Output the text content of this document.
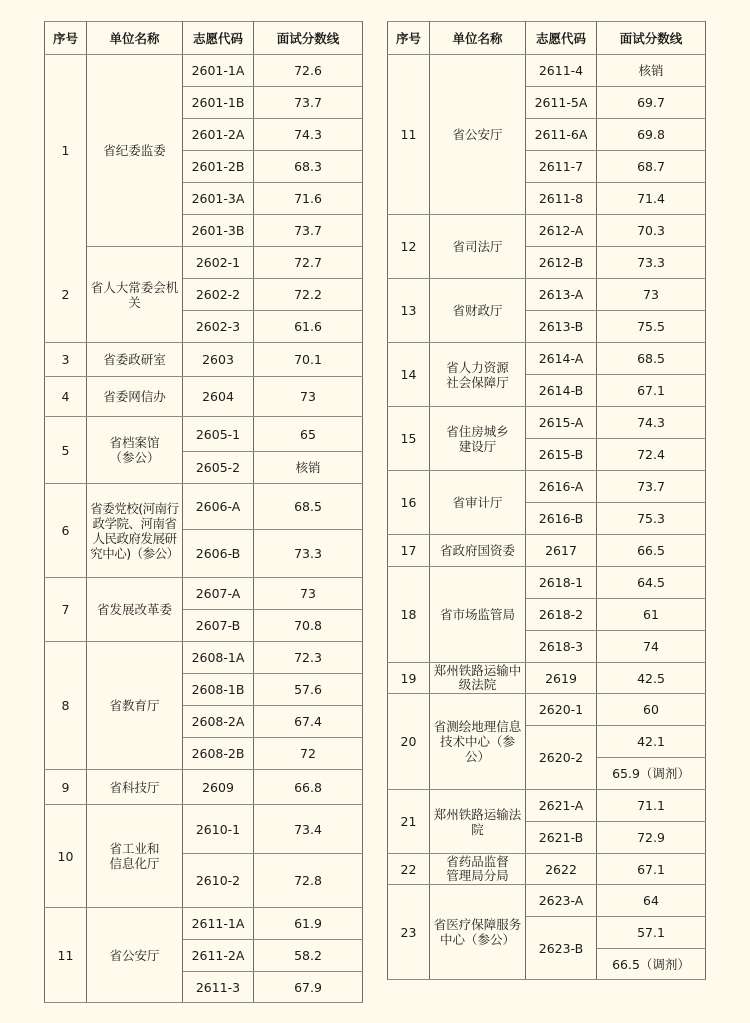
序号	单位名称	志愿代码	面试分数线
1	省纪委监委	2601-1A	72.6
		2601-1B	73.7
		2601-2A	74.3
		2601-2B	68.3
		2601-3A	71.6
		2601-3B	73.7
2	省人大常委会机关	2602-1	72.7
		2602-2	72.2
		2602-3	61.6
3	省委政研室	2603	70.1
4	省委网信办	2604	73
5	省档案馆（参公）	2605-1	65
		2605-2	核销
6	省委党校(河南行政学院、河南省人民政府发展研究中心)（参公）	2606-A	68.5
		2606-B	73.3
7	省发展改革委	2607-A	73
		2607-B	70.8
8	省教育厅	2608-1A	72.3
		2608-1B	57.6
		2608-2A	67.4
		2608-2B	72
9	省科技厅	2609	66.8
10	省工业和信息化厅	2610-1	73.4
		2610-2	72.8
11	省公安厅	2611-1A	61.9
		2611-2A	58.2
		2611-3	67.9
序号	单位名称	志愿代码	面试分数线
11	省公安厅	2611-4	核销
		2611-5A	69.7
		2611-6A	69.8
		2611-7	68.7
		2611-8	71.4
12	省司法厅	2612-A	70.3
		2612-B	73.3
13	省财政厅	2613-A	73
		2613-B	75.5
14	省人力资源社会保障厅	2614-A	68.5
		2614-B	67.1
15	省住房城乡建设厅	2615-A	74.3
		2615-B	72.4
16	省审计厅	2616-A	73.7
		2616-B	75.3
17	省政府国资委	2617	66.5
18	省市场监管局	2618-1	64.5
		2618-2	61
		2618-3	74
19	郑州铁路运输中级法院	2619	42.5
20	省测绘地理信息技术中心（参公）	2620-1	60
		2620-2	42.1
			65.9（调剂）
21	郑州铁路运输法院	2621-A	71.1
		2621-B	72.9
22	省药品监督管理局分局	2622	67.1
23	省医疗保障服务中心（参公）	2623-A	64
		2623-B	57.1
			66.5（调剂）
